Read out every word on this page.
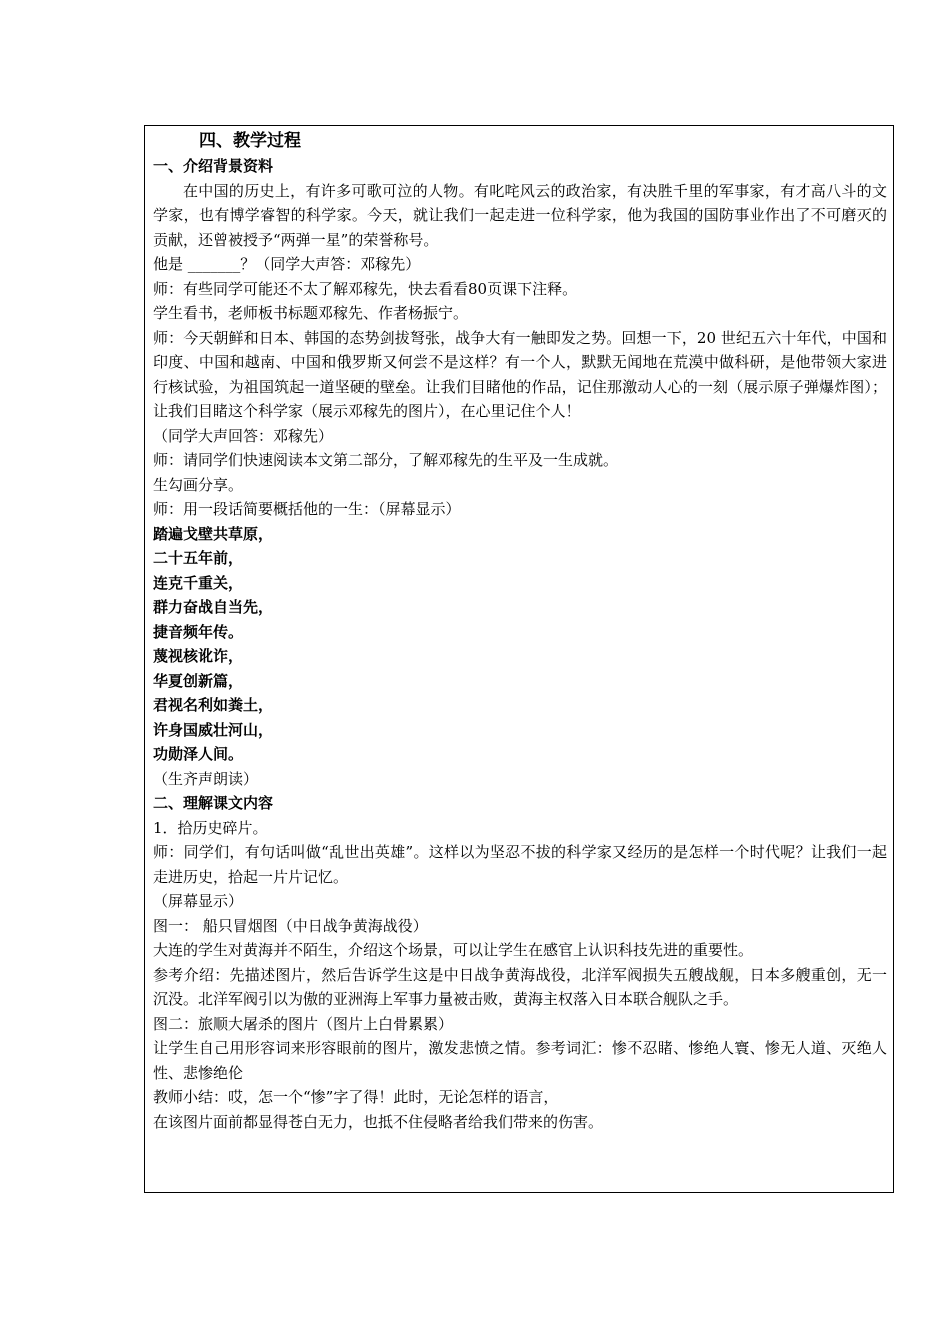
四、教学过程
一、介绍背景资料
在中国的历史上，有许多可歌可泣的人物。有叱咤风云的政治家，有决胜千里的军事家，有才高八斗的文学家，也有博学睿智的科学家。今天，就让我们一起走进一位科学家，他为我国的国防事业作出了不可磨灭的贡献，还曾被授予“两弹一星”的荣誉称号。
他是 _______？（同学大声答：邓稼先）
师：有些同学可能还不太了解邓稼先，快去看看80页课下注释。
学生看书，老师板书标题邓稼先、作者杨振宁。
师：今天朝鲜和日本、韩国的态势剑拔弩张，战争大有一触即发之势。回想一下，20 世纪五六十年代，中国和印度、中国和越南、中国和俄罗斯又何尝不是这样？有一个人，默默无闻地在荒漠中做科研，是他带领大家进行核试验，为祖国筑起一道坚硬的壁垒。让我们目睹他的作品，记住那激动人心的一刻（展示原子弹爆炸图）；让我们目睹这个科学家（展示邓稼先的图片），在心里记住个人！
（同学大声回答：邓稼先）
师：请同学们快速阅读本文第二部分，了解邓稼先的生平及一生成就。
生勾画分享。
师：用一段话简要概括他的一生：（屏幕显示）
踏遍戈壁共草原，
二十五年前，
连克千重关，
群力奋战自当先，
捷音频年传。
蔑视核讹诈，
华夏创新篇，
君视名利如粪土，
许身国威壮河山，
功勋泽人间。
（生齐声朗读）
二、理解课文内容
1．拾历史碎片。
师：同学们，有句话叫做“乱世出英雄”。这样以为坚忍不拔的科学家又经历的是怎样一个时代呢？让我们一起走进历史，拾起一片片记忆。
（屏幕显示）
图一： 船只冒烟图（中日战争黄海战役）
大连的学生对黄海并不陌生，介绍这个场景，可以让学生在感官上认识科技先进的重要性。
参考介绍：先描述图片，然后告诉学生这是中日战争黄海战役，北洋军阀损失五艘战舰，日本多艘重创，无一沉没。北洋军阀引以为傲的亚洲海上军事力量被击败，黄海主权落入日本联合舰队之手。
图二：旅顺大屠杀的图片（图片上白骨累累）
让学生自己用形容词来形容眼前的图片，激发悲愤之情。参考词汇：惨不忍睹、惨绝人寰、惨无人道、灭绝人性、悲惨绝伦
教师小结：哎，怎一个“惨”字了得！此时，无论怎样的语言，
在该图片面前都显得苍白无力，也抵不住侵略者给我们带来的伤害。
